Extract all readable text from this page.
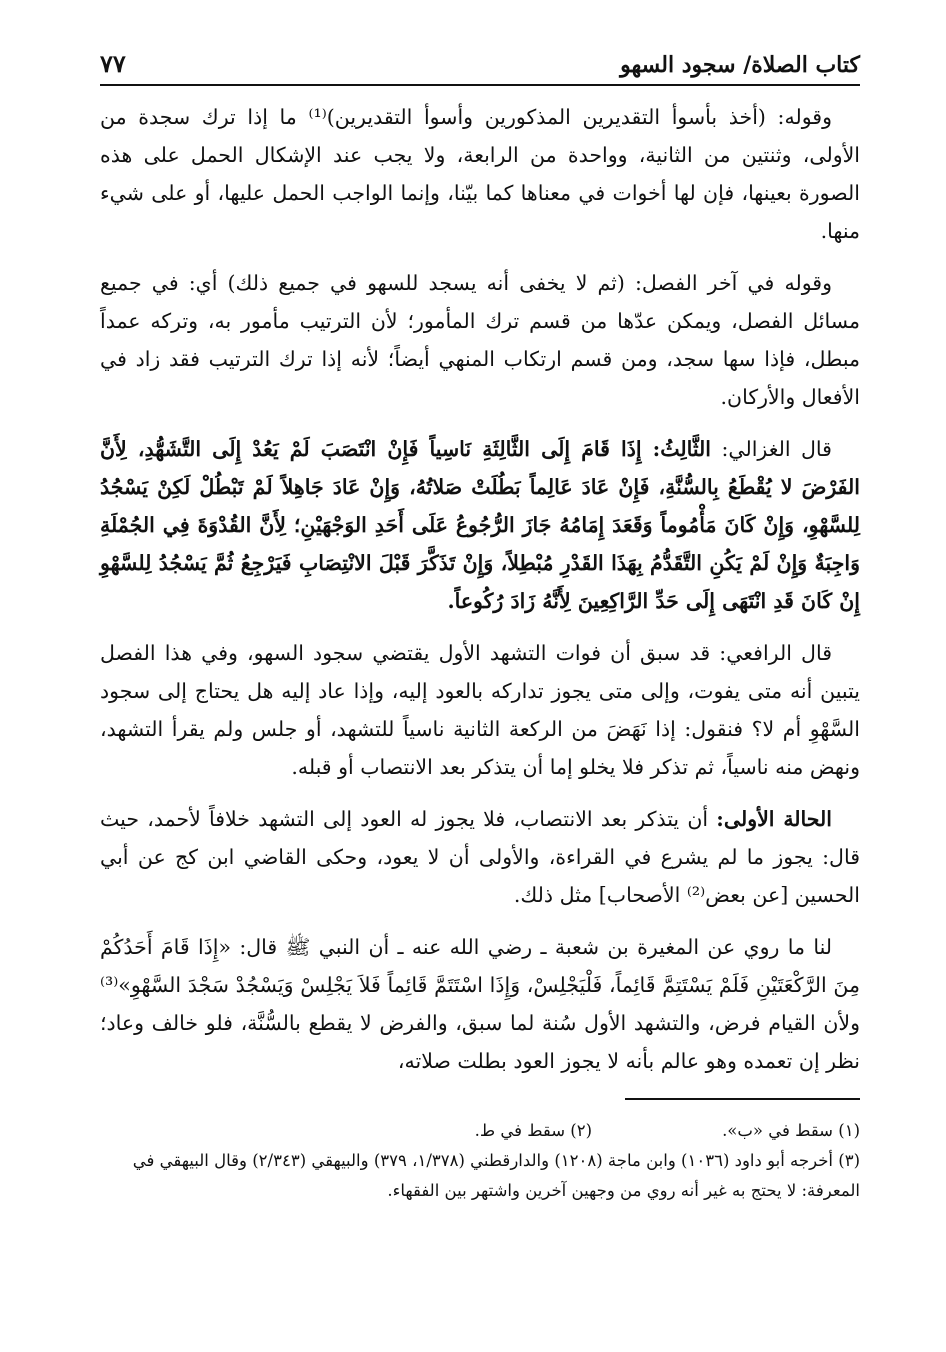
كتاب الصلاة/ سجود السهو
٧٧

وقوله: (أخذ بأسوأ التقديرين المذكورين وأسوأ التقديرين)⁽¹⁾ ما إذا ترك سجدة من الأولى، وثنتين من الثانية، وواحدة من الرابعة، ولا يجب عند الإشكال الحمل على هذه الصورة بعينها، فإن لها أخوات في معناها كما بيّنا، وإنما الواجب الحمل عليها، أو على شيء منها.

وقوله في آخر الفصل: (ثم لا يخفى أنه يسجد للسهو في جميع ذلك) أي: في جميع مسائل الفصل، ويمكن عدّها من قسم ترك المأمور؛ لأن الترتيب مأمور به، وتركه عمداً مبطل، فإذا سها سجد، ومن قسم ارتكاب المنهي أيضاً؛ لأنه إذا ترك الترتيب فقد زاد في الأفعال والأركان.

قال الغزالي: الثَّالِثُ: إِذَا قَامَ إِلَى الثَّالِثَةِ نَاسِياً فَإِنْ انْتَصَبَ لَمْ يَعُدْ إِلَى التَّشَهُّدِ، لِأَنَّ الفَرْضَ لا يُقْطَعُ بِالسُّنَّةِ، فَإِنْ عَادَ عَالِماً بَطُلَتْ صَلاتُهُ، وَإِنْ عَادَ جَاهِلاً لَمْ تَبْطُلْ لَكِنْ يَسْجُدُ لِلسَّهْوِ، وَإِنْ كَانَ مَأْمُوماً وَقَعَدَ إِمَامُهُ جَازَ الرُّجُوعُ عَلَى أَحَدِ الوَجْهَيْنِ؛ لِأَنَّ القُدْوَةَ فِي الجُمْلَةِ وَاجِبَةٌ وَإِنْ لَمْ يَكُنِ التَّقَدُّمُ بِهَذَا القَدْرِ مُبْطِلاً، وَإِنْ تَذَكَّرَ قَبْلَ الانْتِصَابِ فَيَرْجِعُ ثُمَّ يَسْجُدُ لِلسَّهْوِ إِنْ كَانَ قَدِ انْتَهَى إِلَى حَدِّ الرَّاكِعِينَ لِأَنَّهُ زَادَ رُكُوعاً.

قال الرافعي: قد سبق أن فوات التشهد الأول يقتضي سجود السهو، وفي هذا الفصل يتبين أنه متى يفوت، وإلى متى يجوز تداركه بالعود إليه، وإذا عاد إليه هل يحتاج إلى سجود السَّهْوِ أم لا؟ فنقول: إذا نَهَضَ من الركعة الثانية ناسياً للتشهد، أو جلس ولم يقرأ التشهد، ونهض منه ناسياً، ثم تذكر فلا يخلو إما أن يتذكر بعد الانتصاب أو قبله.

الحالة الأولى: أن يتذكر بعد الانتصاب، فلا يجوز له العود إلى التشهد خلافاً لأحمد، حيث قال: يجوز ما لم يشرع في القراءة، والأولى أن لا يعود، وحكى القاضي ابن كج عن أبي الحسين [عن بعض⁽²⁾ الأصحاب] مثل ذلك.

لنا ما روي عن المغيرة بن شعبة ـ رضي الله عنه ـ أن النبي ﷺ قال: «إِذَا قَامَ أَحَدُكُمْ مِنَ الرَّكْعَتَيْنِ فَلَمْ يَسْتَتِمَّ قَائِماً، فَلْيَجْلِسْ، وَإِذَا اسْتَتَمَّ قَائِماً فَلاَ يَجْلِسْ وَيَسْجُدْ سَجْدَ السَّهْوِ»⁽³⁾ ولأن القيام فرض، والتشهد الأول سُنة لما سبق، والفرض لا يقطع بالسُّنَّة، فلو خالف وعاد؛ نظر إن تعمده وهو عالم بأنه لا يجوز العود بطلت صلاته،

(١) سقط في «ب».

(٢) سقط في ط.

(٣) أخرجه أبو داود (١٠٣٦) وابن ماجة (١٢٠٨) والدارقطني (١/٣٧٨، ٣٧٩) والبيهقي (٢/٣٤٣) وقال البيهقي في المعرفة: لا يحتج به غير أنه روي من وجهين آخرين واشتهر بين الفقهاء.
